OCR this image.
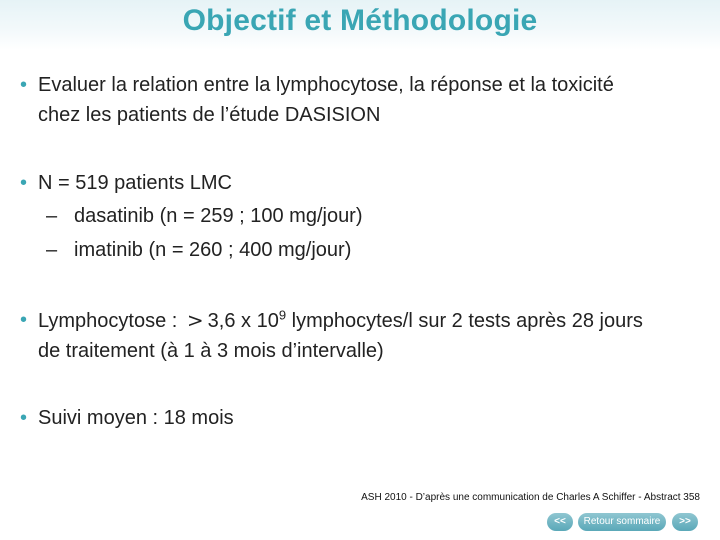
Objectif et Méthodologie
• Evaluer la relation entre la lymphocytose, la réponse et la toxicité
chez les patients de l’étude DASISION
• N = 519 patients LMC
– dasatinib (n = 259 ; 100 mg/jour)
– imatinib (n = 260 ; 400 mg/jour)
• Lymphocytose : > 3,6 x $10^9$ lymphocytes/l sur 2 tests après 28 jours
de traitement (à 1 à 3 mois d’intervalle)
• Suivi moyen : 18 mois
ASH 2010 - D’après une communication de Charles A Schiffer - Abstract 358
<<	Retour sommaire	>>
